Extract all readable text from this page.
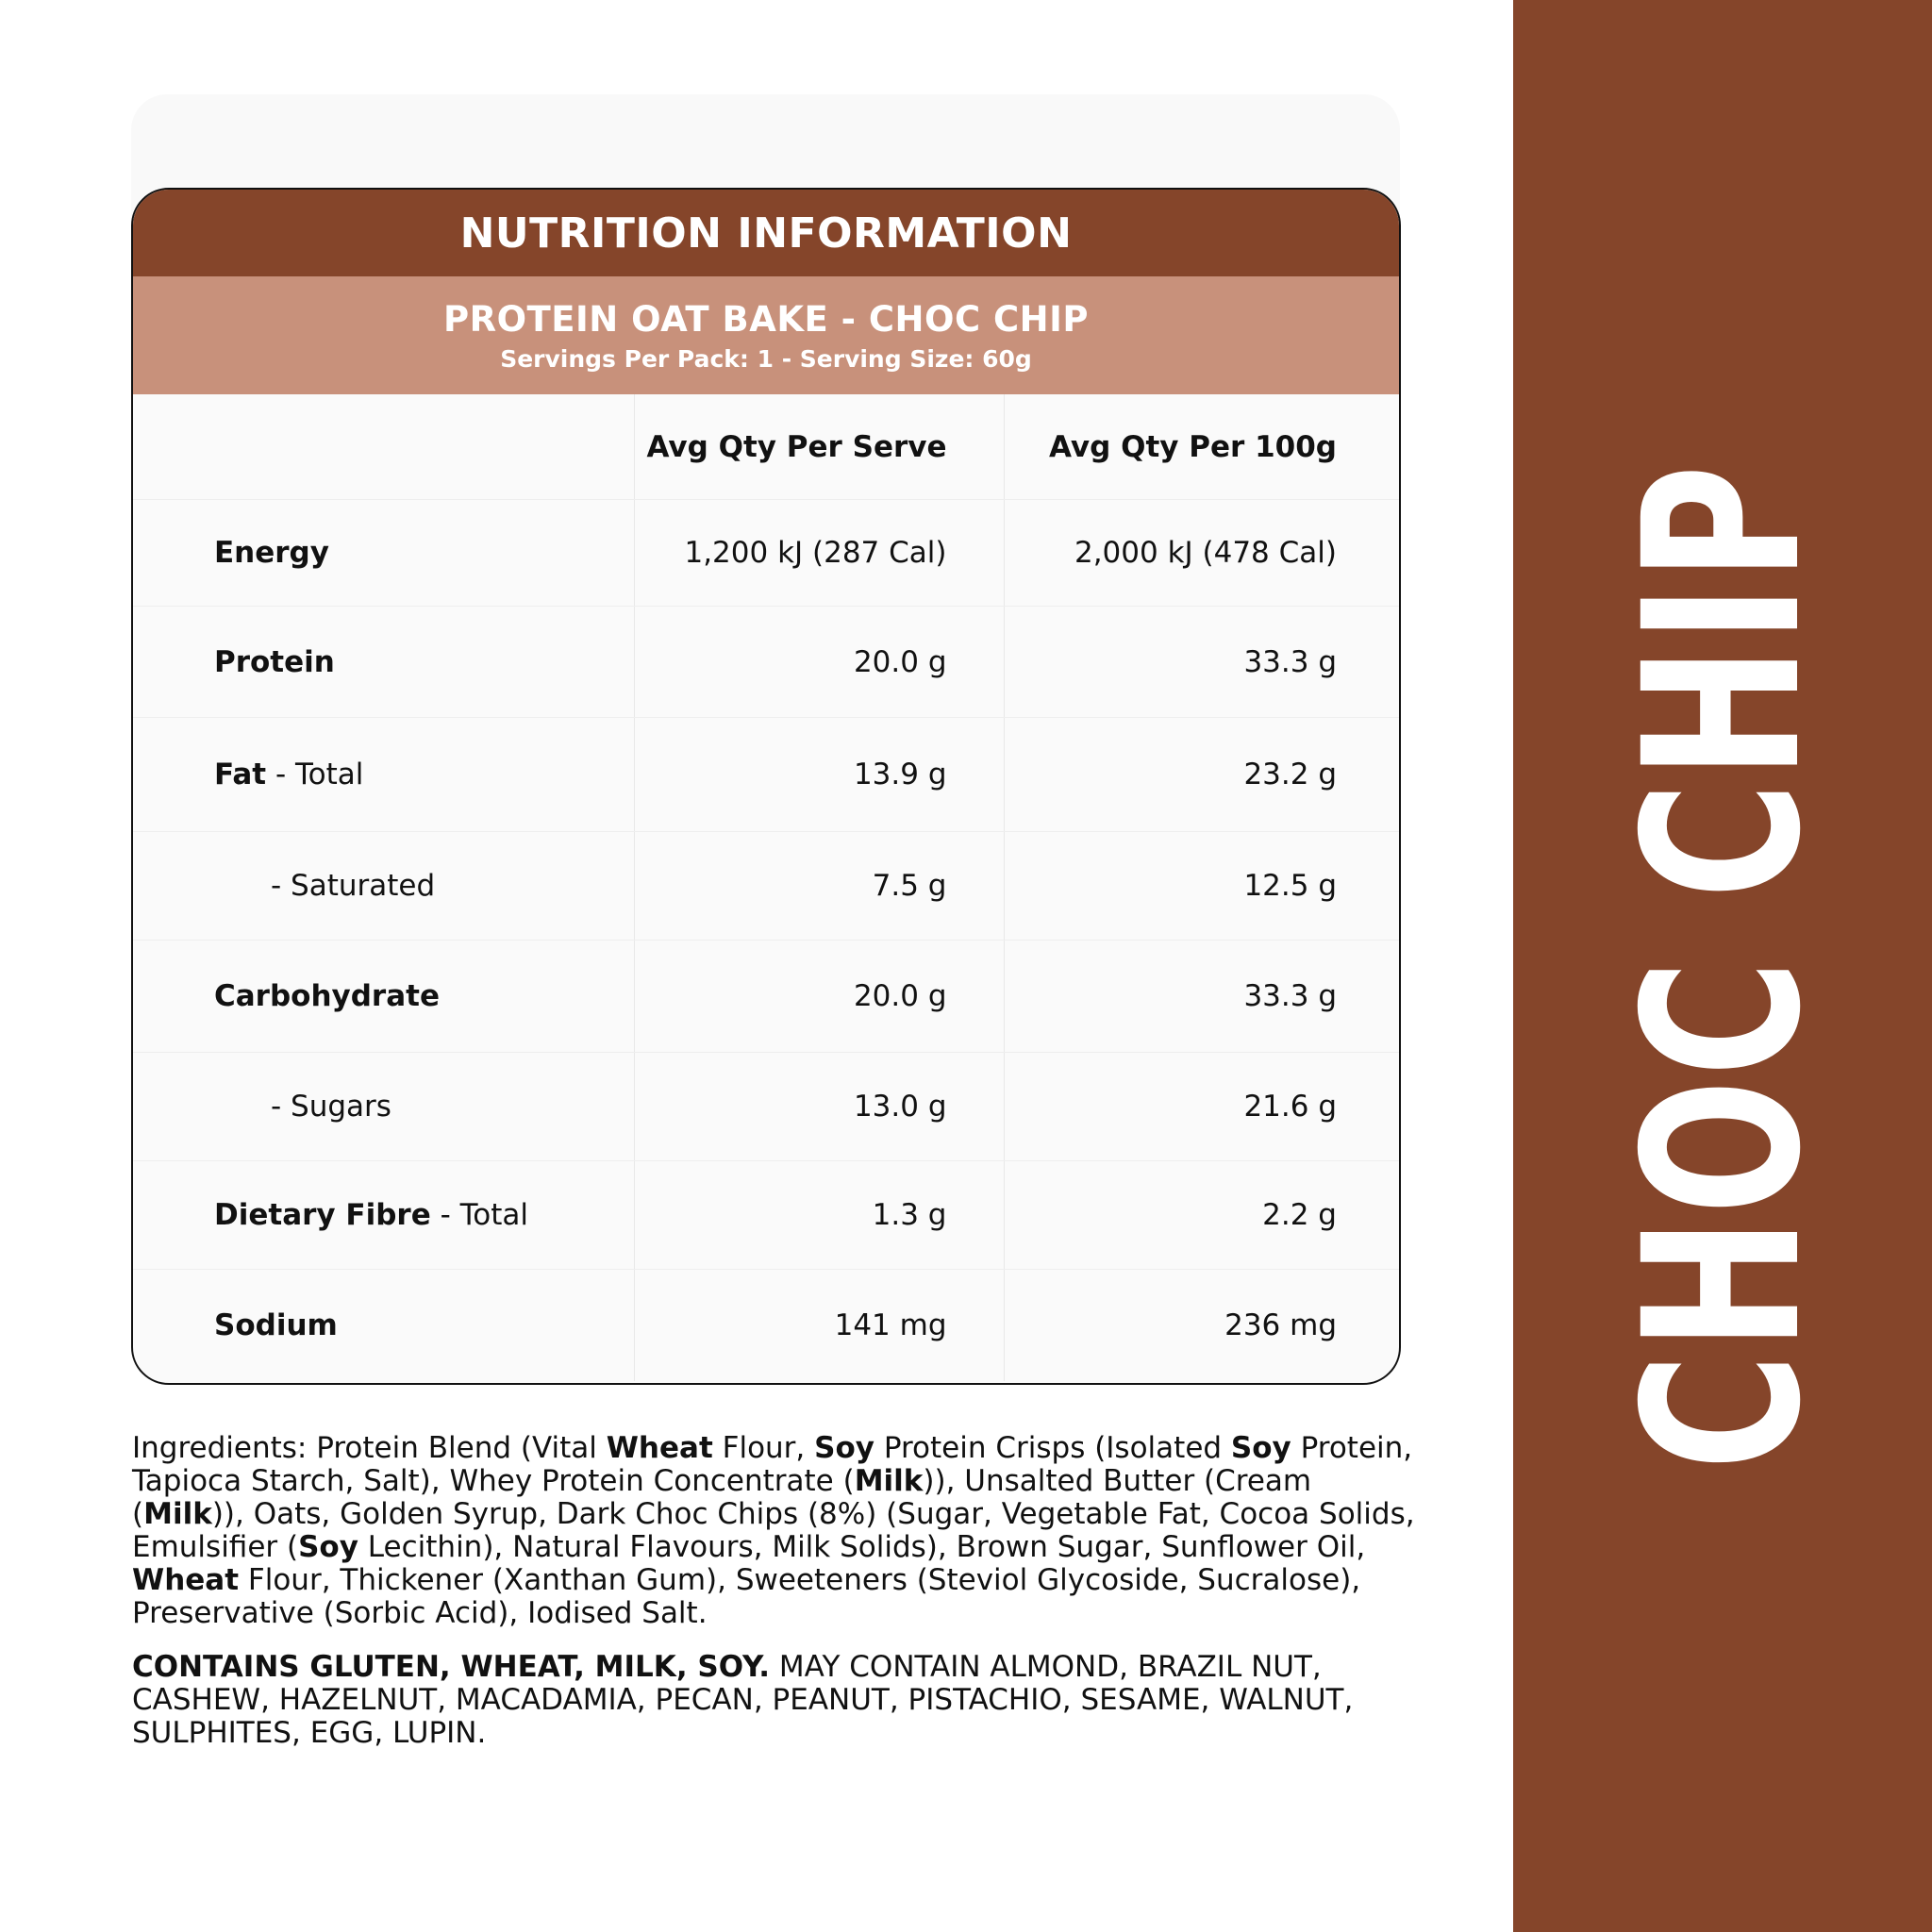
CHOC CHIP
NUTRITION INFORMATION
PROTEIN OAT BAKE - CHOC CHIP
Servings Per Pack: 1 - Serving Size: 60g
	Avg Qty Per Serve	Avg Qty Per 100g
Energy	1,200 kJ (287 Cal)	2,000 kJ (478 Cal)
Protein	20.0 g	33.3 g
Fat - Total	13.9 g	23.2 g
- Saturated	7.5 g	12.5 g
Carbohydrate	20.0 g	33.3 g
- Sugars	13.0 g	21.6 g
Dietary Fibre - Total	1.3 g	2.2 g
Sodium	141 mg	236 mg
Ingredients: Protein Blend (Vital Wheat Flour, Soy Protein Crisps (Isolated Soy Protein, Tapioca Starch, Salt), Whey Protein Concentrate (Milk)), Unsalted Butter (Cream (Milk)), Oats, Golden Syrup, Dark Choc Chips (8%) (Sugar, Vegetable Fat, Cocoa Solids, Emulsifier (Soy Lecithin), Natural Flavours, Milk Solids), Brown Sugar, Sunflower Oil, Wheat Flour, Thickener (Xanthan Gum), Sweeteners (Steviol Glycoside, Sucralose), Preservative (Sorbic Acid), Iodised Salt.
CONTAINS GLUTEN, WHEAT, MILK, SOY. MAY CONTAIN ALMOND, BRAZIL NUT, CASHEW, HAZELNUT, MACADAMIA, PECAN, PEANUT, PISTACHIO, SESAME, WALNUT, SULPHITES, EGG, LUPIN.
